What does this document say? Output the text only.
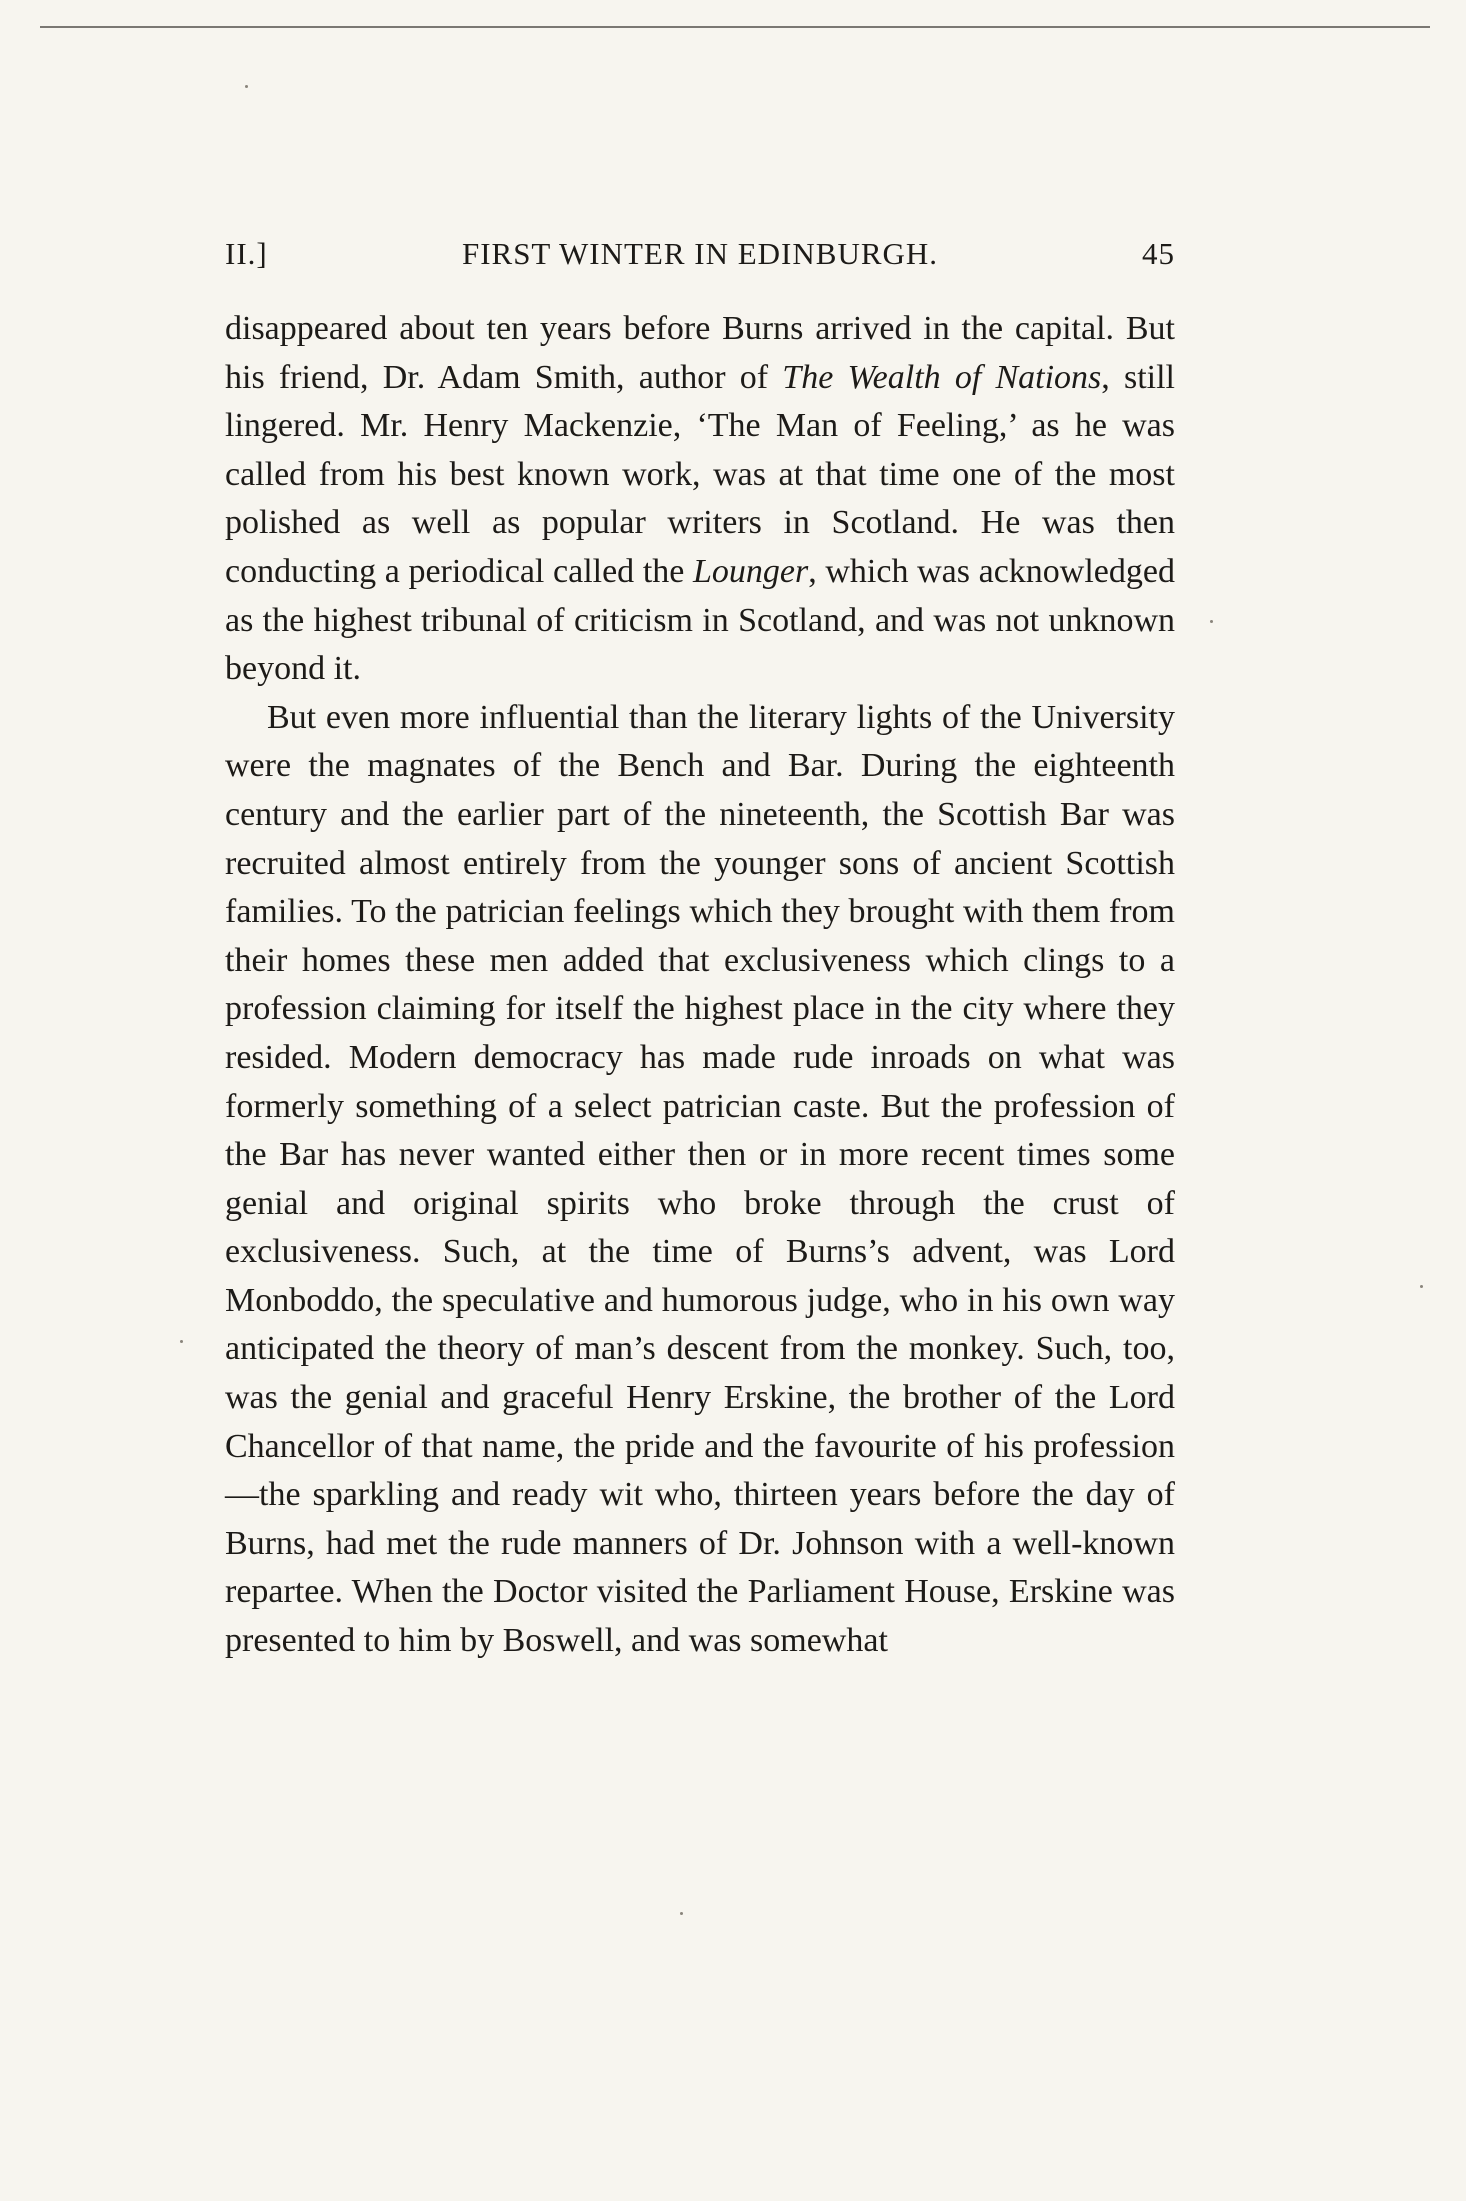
II.]	FIRST WINTER IN EDINBURGH.	45

disappeared about ten years before Burns arrived in the capital. But his friend, Dr. Adam Smith, author of The Wealth of Nations, still lingered. Mr. Henry Mackenzie, ‘The Man of Feeling,’ as he was called from his best known work, was at that time one of the most polished as well as popular writers in Scotland. He was then conducting a periodical called the Lounger, which was acknowledged as the highest tribunal of criticism in Scotland, and was not unknown beyond it.

But even more influential than the literary lights of the University were the magnates of the Bench and Bar. During the eighteenth century and the earlier part of the nineteenth, the Scottish Bar was recruited almost entirely from the younger sons of ancient Scottish families. To the patrician feelings which they brought with them from their homes these men added that exclusiveness which clings to a profession claiming for itself the highest place in the city where they resided. Modern democracy has made rude inroads on what was formerly something of a select patrician caste. But the profession of the Bar has never wanted either then or in more recent times some genial and original spirits who broke through the crust of exclusiveness. Such, at the time of Burns’s advent, was Lord Monboddo, the speculative and humorous judge, who in his own way anticipated the theory of man’s descent from the monkey. Such, too, was the genial and graceful Henry Erskine, the brother of the Lord Chancellor of that name, the pride and the favourite of his profession—the sparkling and ready wit who, thirteen years before the day of Burns, had met the rude manners of Dr. Johnson with a well-known repartee. When the Doctor visited the Parliament House, Erskine was presented to him by Boswell, and was somewhat
